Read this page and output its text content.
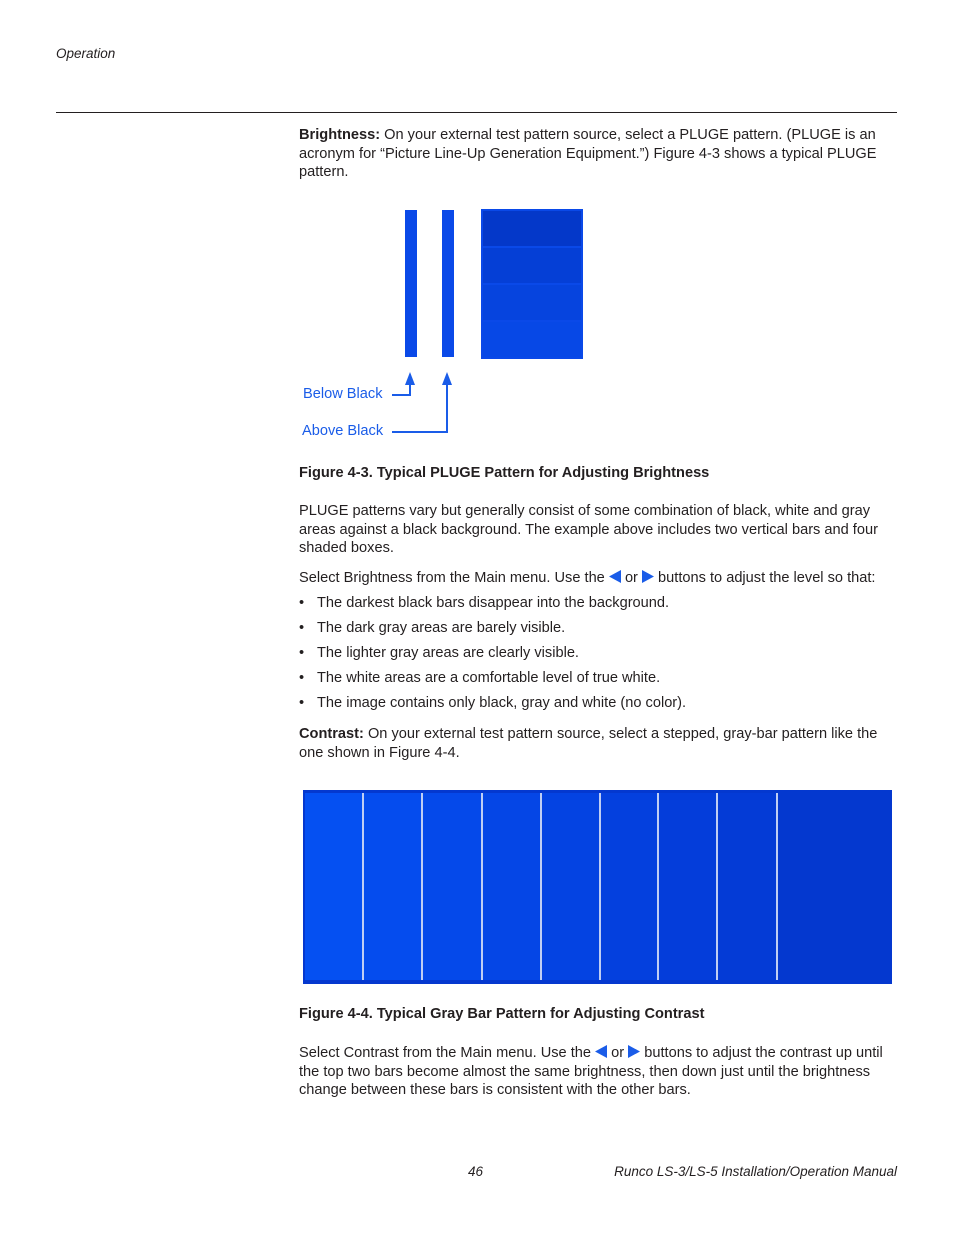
Operation
Brightness: On your external test pattern source, select a PLUGE pattern. (PLUGE is an acronym for “Picture Line-Up Generation Equipment.”) Figure 4-3 shows a typical PLUGE pattern.
Below Black
Above Black
Figure 4-3. Typical PLUGE Pattern for Adjusting Brightness
PLUGE patterns vary but generally consist of some combination of black, white and gray areas against a black background. The example above includes two vertical bars and four shaded boxes.
Select Brightness from the Main menu. Use the or buttons to adjust the level so that:
• The darkest black bars disappear into the background.
• The dark gray areas are barely visible.
• The lighter gray areas are clearly visible.
• The white areas are a comfortable level of true white.
• The image contains only black, gray and white (no color).
Contrast: On your external test pattern source, select a stepped, gray-bar pattern like the one shown in Figure 4-4.
Figure 4-4. Typical Gray Bar Pattern for Adjusting Contrast
Select Contrast from the Main menu. Use the or buttons to adjust the contrast up until the top two bars become almost the same brightness, then down just until the brightness change between these bars is consistent with the other bars.
46	Runco LS-3/LS-5 Installation/Operation Manual
